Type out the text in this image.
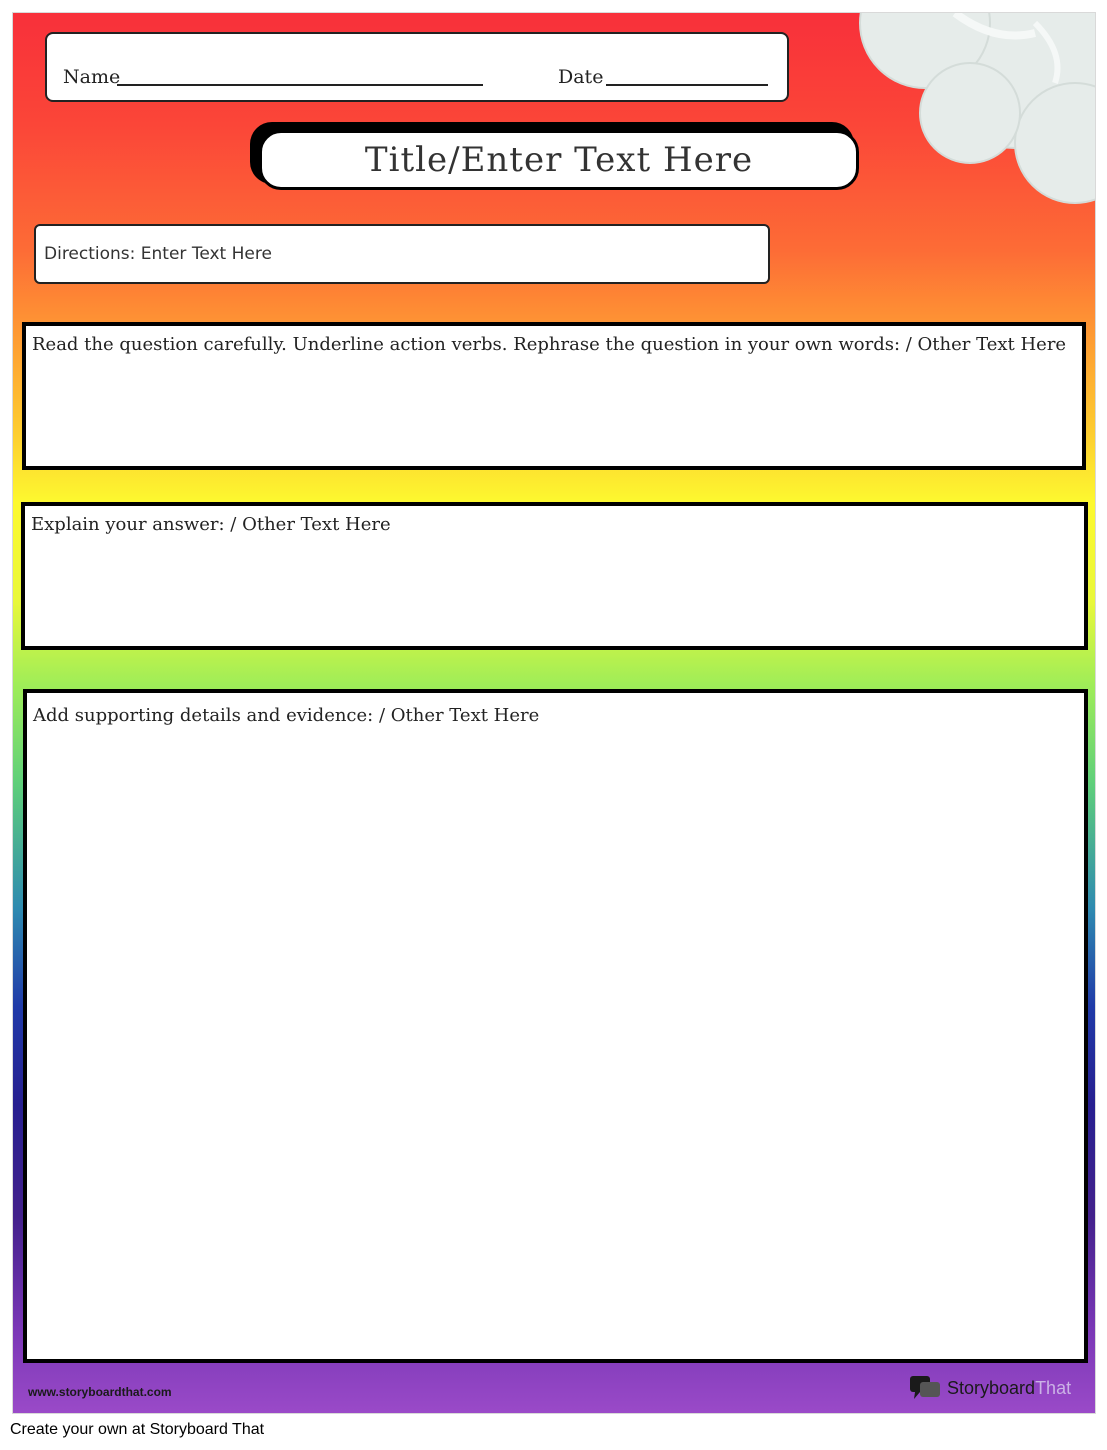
Name	Date
Title/Enter Text Here
Directions: Enter Text Here
Read the question carefully. Underline action verbs. Rephrase the question in your own words: / Other Text Here
Explain your answer: / Other Text Here
Add supporting details and evidence: / Other Text Here
www.storyboardthat.com	Storyboard That
Create your own at Storyboard That
